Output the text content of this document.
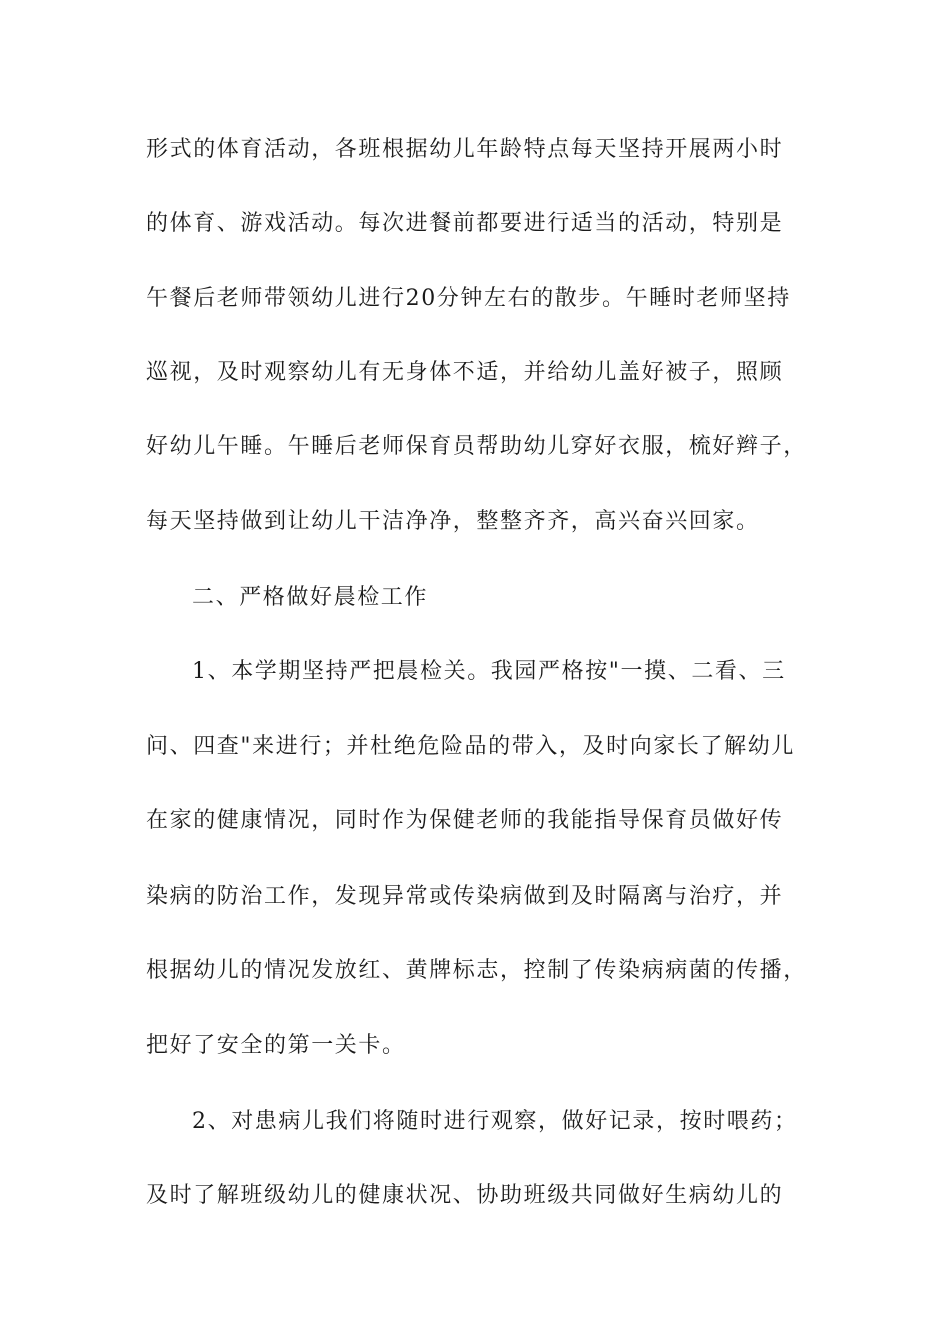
形式的体育活动，各班根据幼儿年龄特点每天坚持开展两小时
的体育、游戏活动。每次进餐前都要进行适当的活动，特别是
午餐后老师带领幼儿进行20分钟左右的散步。午睡时老师坚持
巡视，及时观察幼儿有无身体不适，并给幼儿盖好被子，照顾
好幼儿午睡。午睡后老师保育员帮助幼儿穿好衣服，梳好辫子，
每天坚持做到让幼儿干洁净净，整整齐齐，高兴奋兴回家。
二、严格做好晨检工作
1、本学期坚持严把晨检关。我园严格按"一摸、二看、三
问、四查"来进行；并杜绝危险品的带入，及时向家长了解幼儿
在家的健康情况，同时作为保健老师的我能指导保育员做好传
染病的防治工作，发现异常或传染病做到及时隔离与治疗，并
根据幼儿的情况发放红、黄牌标志，控制了传染病病菌的传播，
把好了安全的第一关卡。
2、对患病儿我们将随时进行观察，做好记录，按时喂药；
及时了解班级幼儿的健康状况、协助班级共同做好生病幼儿的
